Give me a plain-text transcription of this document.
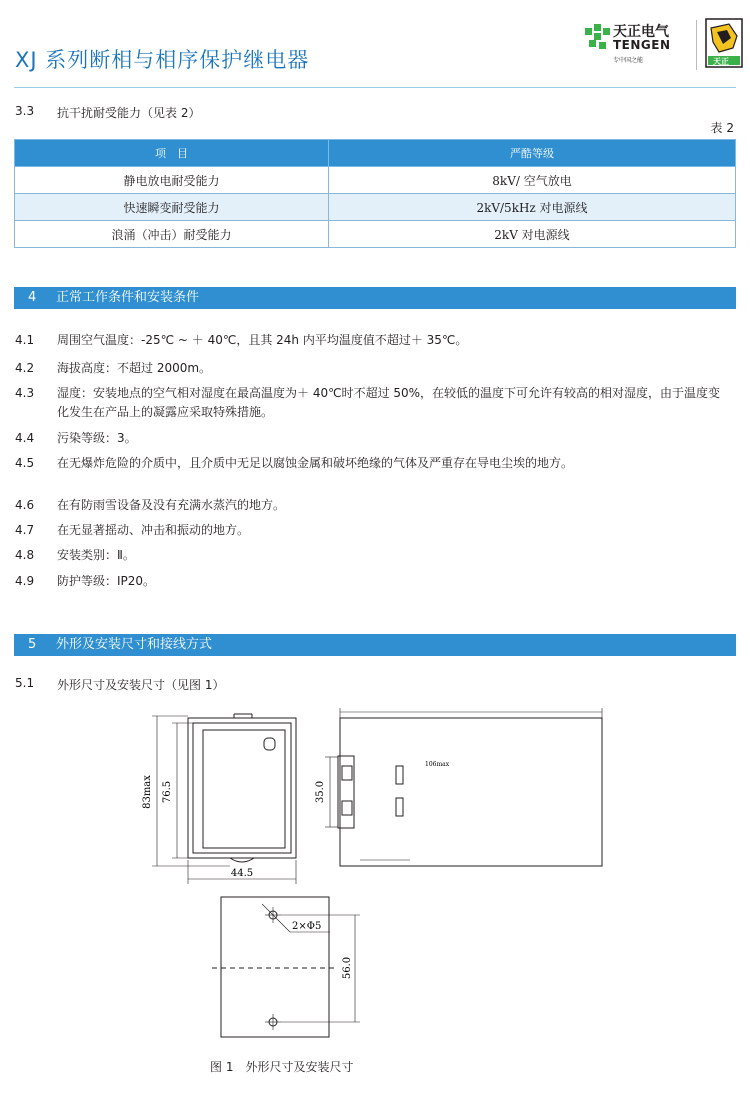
XJ 系列断相与相序保护继电器
天正电气
TENGEN
专中国之能	天正
3.3 抗干扰耐受能力（见表 2）
表 2
项　目	严酷等级
静电放电耐受能力	8kV/ 空气放电
快速瞬变耐受能力	2kV/5kHz 对电源线
浪涌（冲击）耐受能力	2kV 对电源线
4 正常工作条件和安装条件
4.1 周围空气温度：-25℃ ~ ＋ 40℃，且其 24h 内平均温度值不超过＋ 35℃。
4.2 海拔高度：不超过 2000m。
4.3 湿度：安装地点的空气相对湿度在最高温度为＋ 40℃时不超过 50%，在较低的温度下可允许有较高的相对湿度，由于温度变化发生在产品上的凝露应采取特殊措施。
4.4 污染等级：3。
4.5 在无爆炸危险的介质中，且介质中无足以腐蚀金属和破坏绝缘的气体及严重存在导电尘埃的地方。
4.6 在有防雨雪设备及没有充满水蒸汽的地方。
4.7 在无显著摇动、冲击和振动的地方。
4.8 安装类别：Ⅱ。
4.9 防护等级：IP20。
5 外形及安装尺寸和接线方式
5.1 外形尺寸及安装尺寸（见图 1）
83max 76.5
44.5
35.0
106max
2×Φ5
56.0
图 1　外形尺寸及安装尺寸
